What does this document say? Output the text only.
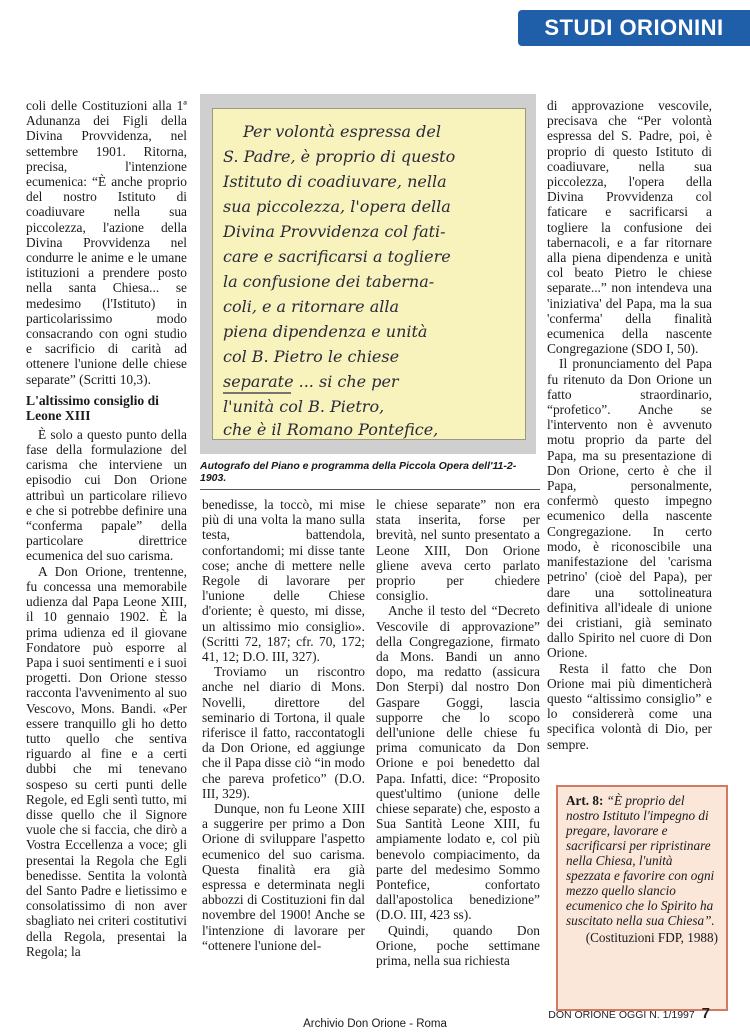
STUDI ORIONINI

coli delle Costituzioni alla 1ª Adunanza dei Figli della Divina Provvidenza, nel settembre 1901. Ritorna, precisa, l'intenzione ecumenica: “È anche proprio del nostro Istituto di coadiuvare nella sua piccolezza, l'azione della Divina Provvidenza nel condurre le anime e le umane istituzioni a prendere posto nella santa Chiesa... se medesimo (l'Istituto) in particolarissimo modo consacrando con ogni studio e sacrificio di carità ad ottenere l'unione delle chiese separate” (Scritti 10,3).

L'altissimo consiglio di Leone XIII

È solo a questo punto della fase della formulazione del carisma che interviene un episodio cui Don Orione attribuì un particolare rilievo e che si potrebbe definire una “conferma papale” della particolare direttrice ecumenica del suo carisma.

A Don Orione, trentenne, fu concessa una memorabile udienza dal Papa Leone XIII, il 10 gennaio 1902. È la prima udienza ed il giovane Fondatore può esporre al Papa i suoi sentimenti e i suoi progetti. Don Orione stesso racconta l'avvenimento al suo Vescovo, Mons. Bandi. «Per essere tranquillo gli ho detto tutto quello che sentiva riguardo al fine e a certi dubbi che mi tenevano sospeso su certi punti delle Regole, ed Egli sentì tutto, mi disse quello che il Signore vuole che si faccia, che dirò a Vostra Eccellenza a voce; gli presentai la Regola che Egli benedisse. Sentita la volontà del Santo Padre e lietissimo e consolatissimo di non aver sbagliato nei criteri costitutivi della Regola, presentai la Regola; la

Per volontà espressa del
S. Padre, è proprio di questo
Istituto di coadiuvare, nella
sua piccolezza, l'opera della
Divina Provvidenza col fati-
care e sacrificarsi a togliere
la confusione dei taberna-
coli, e a ritornare alla
piena dipendenza e unità
col B. Pietro le chiese
separate ... si che per
l'unità col B. Pietro,
che è il Romano Pontefice,
Autografo del Piano e programma della Piccola Opera dell'11-2-1903.

benedisse, la toccò, mi mise più di una volta la mano sulla testa, battendola, confortandomi; mi disse tante cose; anche di mettere nelle Regole di lavorare per l'unione delle Chiese d'oriente; è questo, mi disse, un altissimo mio consiglio». (Scritti 72, 187; cfr. 70, 172; 41, 12; D.O. III, 327).

Troviamo un riscontro anche nel diario di Mons. Novelli, direttore del seminario di Tortona, il quale riferisce il fatto, raccontatogli da Don Orione, ed aggiunge che il Papa disse ciò “in modo che pareva profetico” (D.O. III, 329).

Dunque, non fu Leone XIII a suggerire per primo a Don Orione di sviluppare l'aspetto ecumenico del suo carisma. Questa finalità era già espressa e determinata negli abbozzi di Costituzioni fin dal novembre del 1900! Anche se l'intenzione di lavorare per “ottenere l'unione del-

le chiese separate” non era stata inserita, forse per brevità, nel sunto presentato a Leone XIII, Don Orione gliene aveva certo parlato proprio per chiedere consiglio.

Anche il testo del “Decreto Vescovile di approvazione” della Congregazione, firmato da Mons. Bandi un anno dopo, ma redatto (assicura Don Sterpi) dal nostro Don Gaspare Goggi, lascia supporre che lo scopo dell'unione delle chiese fu prima comunicato da Don Orione e poi benedetto dal Papa. Infatti, dice: “Proposito quest'ultimo (unione delle chiese separate) che, esposto a Sua Santità Leone XIII, fu ampiamente lodato e, col più benevolo compiacimento, da parte del medesimo Sommo Pontefice, confortato dall'apostolica benedizione” (D.O. III, 423 ss).

Quindi, quando Don Orione, poche settimane prima, nella sua richiesta

di approvazione vescovile, precisava che “Per volontà espressa del S. Padre, poi, è proprio di questo Istituto di coadiuvare, nella sua piccolezza, l'opera della Divina Provvidenza col faticare e sacrificarsi a togliere la confusione dei tabernacoli, e a far ritornare alla piena dipendenza e unità col beato Pietro le chiese separate...” non intendeva una 'iniziativa' del Papa, ma la sua 'conferma' della finalità ecumenica della nascente Congregazione (SDO I, 50).

Il pronunciamento del Papa fu ritenuto da Don Orione un fatto straordinario, “profetico”. Anche se l'intervento non è avvenuto motu proprio da parte del Papa, ma su presentazione di Don Orione, certo è che il Papa, personalmente, confermò questo impegno ecumenico della nascente Congregazione. In certo modo, è riconoscibile una manifestazione del 'carisma petrino' (cioè del Papa), per dare una sottolineatura definitiva all'ideale di unione dei cristiani, già seminato dallo Spirito nel cuore di Don Orione.

Resta il fatto che Don Orione mai più dimenticherà questo “altissimo consiglio” e lo considererà come una specifica volontà di Dio, per sempre.

Art. 8: “È proprio del nostro Istituto l'impegno di pregare, lavorare e sacrificarsi per ripristinare nella Chiesa, l'unità spezzata e favorire con ogni mezzo quello slancio ecumenico che lo Spirito ha suscitato nella sua Chiesa”.
(Costituzioni FDP, 1988)
DON ORIONE OGGI N. 1/1997 7
Archivio Don Orione - Roma
